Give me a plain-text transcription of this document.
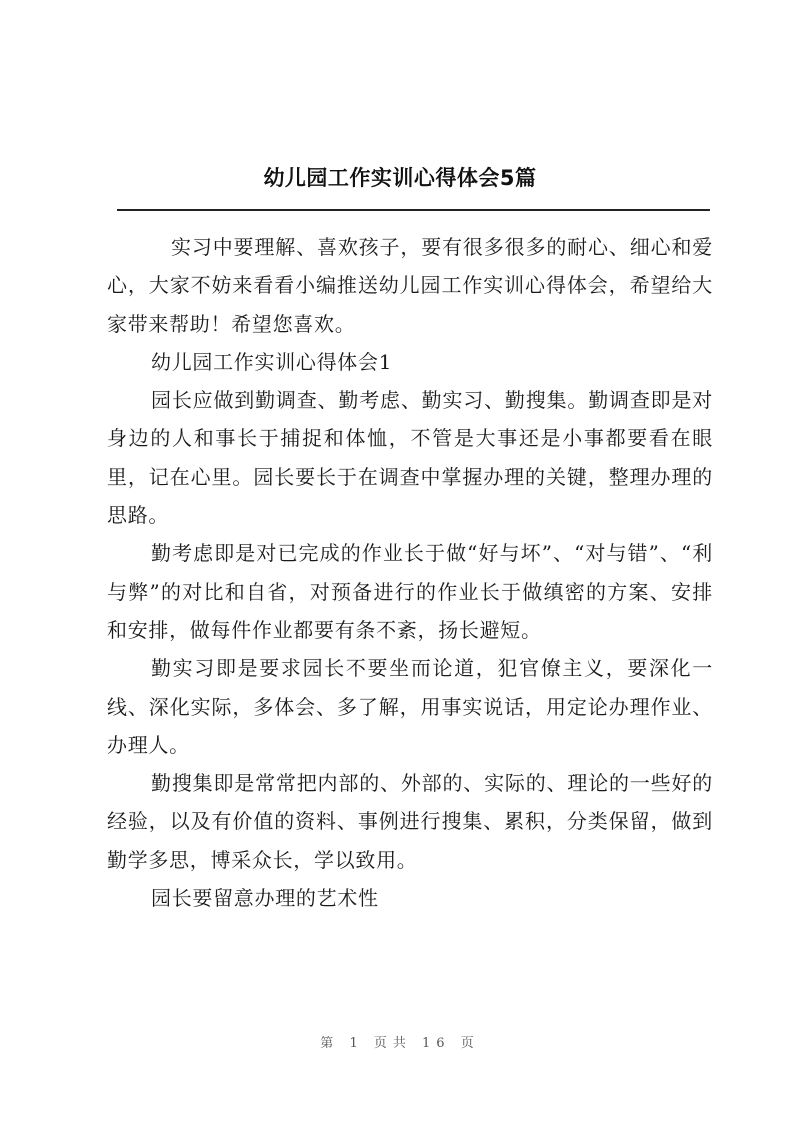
幼儿园工作实训心得体会5篇

实习中要理解、喜欢孩子，要有很多很多的耐心、细心和爱心，大家不妨来看看小编推送幼儿园工作实训心得体会，希望给大家带来帮助！希望您喜欢。

幼儿园工作实训心得体会1

园长应做到勤调查、勤考虑、勤实习、勤搜集。勤调查即是对身边的人和事长于捕捉和体恤，不管是大事还是小事都要看在眼里，记在心里。园长要长于在调查中掌握办理的关键，整理办理的思路。

勤考虑即是对已完成的作业长于做“好与坏”、“对与错”、“利与弊”的对比和自省，对预备进行的作业长于做缜密的方案、安排和安排，做每件作业都要有条不紊，扬长避短。

勤实习即是要求园长不要坐而论道，犯官僚主义，要深化一线、深化实际，多体会、多了解，用事实说话，用定论办理作业、办理人。

勤搜集即是常常把内部的、外部的、实际的、理论的一些好的经验，以及有价值的资料、事例进行搜集、累积，分类保留，做到勤学多思，博采众长，学以致用。

园长要留意办理的艺术性

第 1 页共 16 页
